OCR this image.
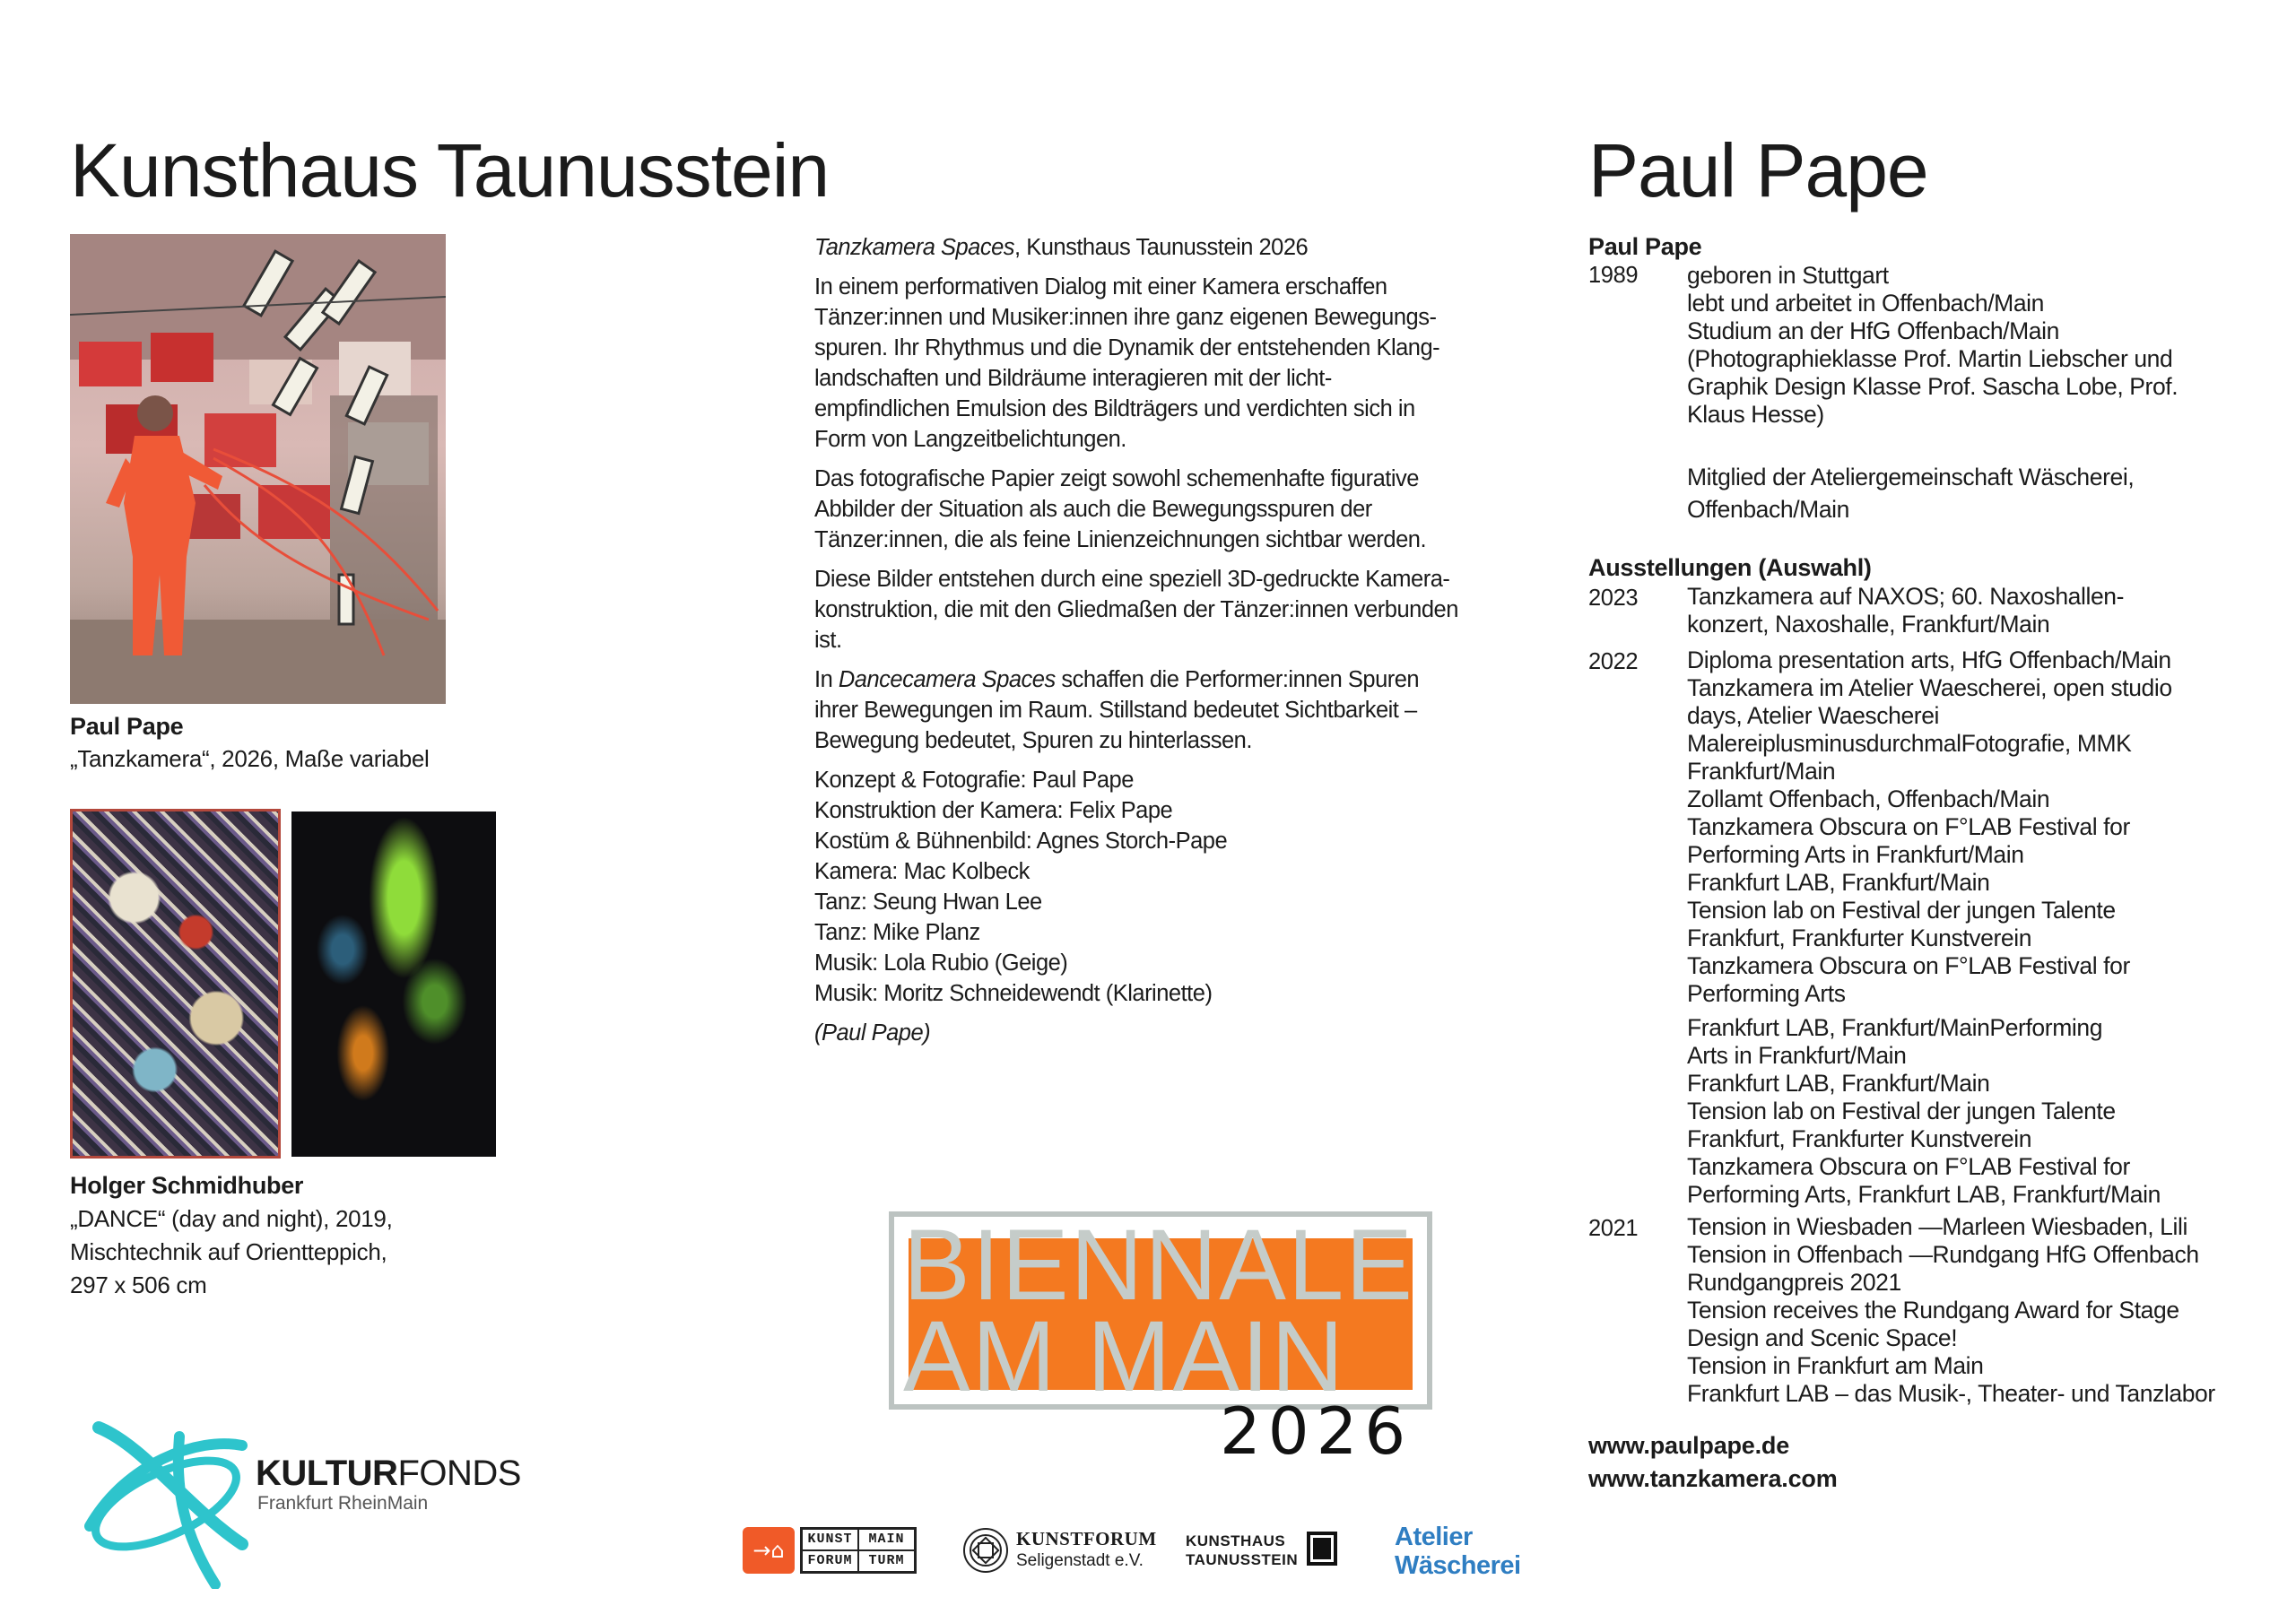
Kunsthaus Taunusstein	Paul Pape
Paul Pape
„Tanzkamera“, 2026, Maße variabel
Holger Schmidhuber
„DANCE“ (day and night), 2019,
Mischtechnik auf Orientteppich,
297 x 506 cm

Tanzkamera Spaces, Kunsthaus Taunusstein 2026

In einem performativen Dialog mit einer Kamera erschaffen

Tänzer:innen und Musiker:innen ihre ganz eigenen Bewegungs-

spuren. Ihr Rhythmus und die Dynamik der entstehenden Klang-

landschaften und Bildräume interagieren mit der licht-

empfindlichen Emulsion des Bildträgers und verdichten sich in

Form von Langzeitbelichtungen.

Das fotografische Papier zeigt sowohl schemenhafte figurative

Abbilder der Situation als auch die Bewegungsspuren der

Tänzer:innen, die als feine Linienzeichnungen sichtbar werden.

Diese Bilder entstehen durch eine speziell 3D-gedruckte Kamera-

konstruktion, die mit den Gliedmaßen der Tänzer:innen verbunden

ist.

In Dancecamera Spaces schaffen die Performer:innen Spuren

ihrer Bewegungen im Raum. Stillstand bedeutet Sichtbarkeit –

Bewegung bedeutet, Spuren zu hinterlassen.

Konzept & Fotografie: Paul Pape

Konstruktion der Kamera: Felix Pape

Kostüm & Bühnenbild: Agnes Storch-Pape

Kamera: Mac Kolbeck

Tanz: Seung Hwan Lee

Tanz: Mike Planz

Musik: Lola Rubio (Geige)

Musik: Moritz Schneidewendt (Klarinette)

(Paul Pape)

Paul Pape
1989	geboren in Stuttgart
lebt und arbeitet in Offenbach/Main
Studium an der HfG Offenbach/Main
(Photographieklasse Prof. Martin Liebscher und
Graphik Design Klasse Prof. Sascha Lobe, Prof.
Klaus Hesse)
Mitglied der Ateliergemeinschaft Wäscherei,
Offenbach/Main
Ausstellungen (Auswahl)
2023	Tanzkamera auf NAXOS; 60. Naxoshallen-
konzert, Naxoshalle, Frankfurt/Main
2022	Diploma presentation arts, HfG Offenbach/Main
Tanzkamera im Atelier Waescherei, open studio
days, Atelier Waescherei
MalereiplusminusdurchmalFotografie, MMK
Frankfurt/Main
Zollamt Offenbach, Offenbach/Main
Tanzkamera Obscura on F°LAB Festival for
Performing Arts in Frankfurt/Main
Frankfurt LAB, Frankfurt/Main
Tension lab on Festival der jungen Talente
Frankfurt, Frankfurter Kunstverein
Tanzkamera Obscura on F°LAB Festival for
Performing Arts
Frankfurt LAB, Frankfurt/MainPerforming
Arts in Frankfurt/Main
Frankfurt LAB, Frankfurt/Main
Tension lab on Festival der jungen Talente
Frankfurt, Frankfurter Kunstverein
Tanzkamera Obscura on F°LAB Festival for
Performing Arts, Frankfurt LAB, Frankfurt/Main
2021	Tension in Wiesbaden —Marleen Wiesbaden, Lili
Tension in Offenbach —Rundgang HfG Offenbach
Rundgangpreis 2021
Tension receives the Rundgang Award for Stage
Design and Scenic Space!
Tension in Frankfurt am Main
Frankfurt LAB – das Musik-, Theater- und Tanzlabor
www.paulpape.de
www.tanzkamera.com
BIENNALE
AM MAIN
2026
KULTURFONDS
Frankfurt RheinMain
→⌂	KUNST	MAIN
FORUM	TURM
KUNSTFORUM
Seligenstadt e.V.
KUNSTHAUS
TAUNUSSTEIN
Atelier
Wäscherei
